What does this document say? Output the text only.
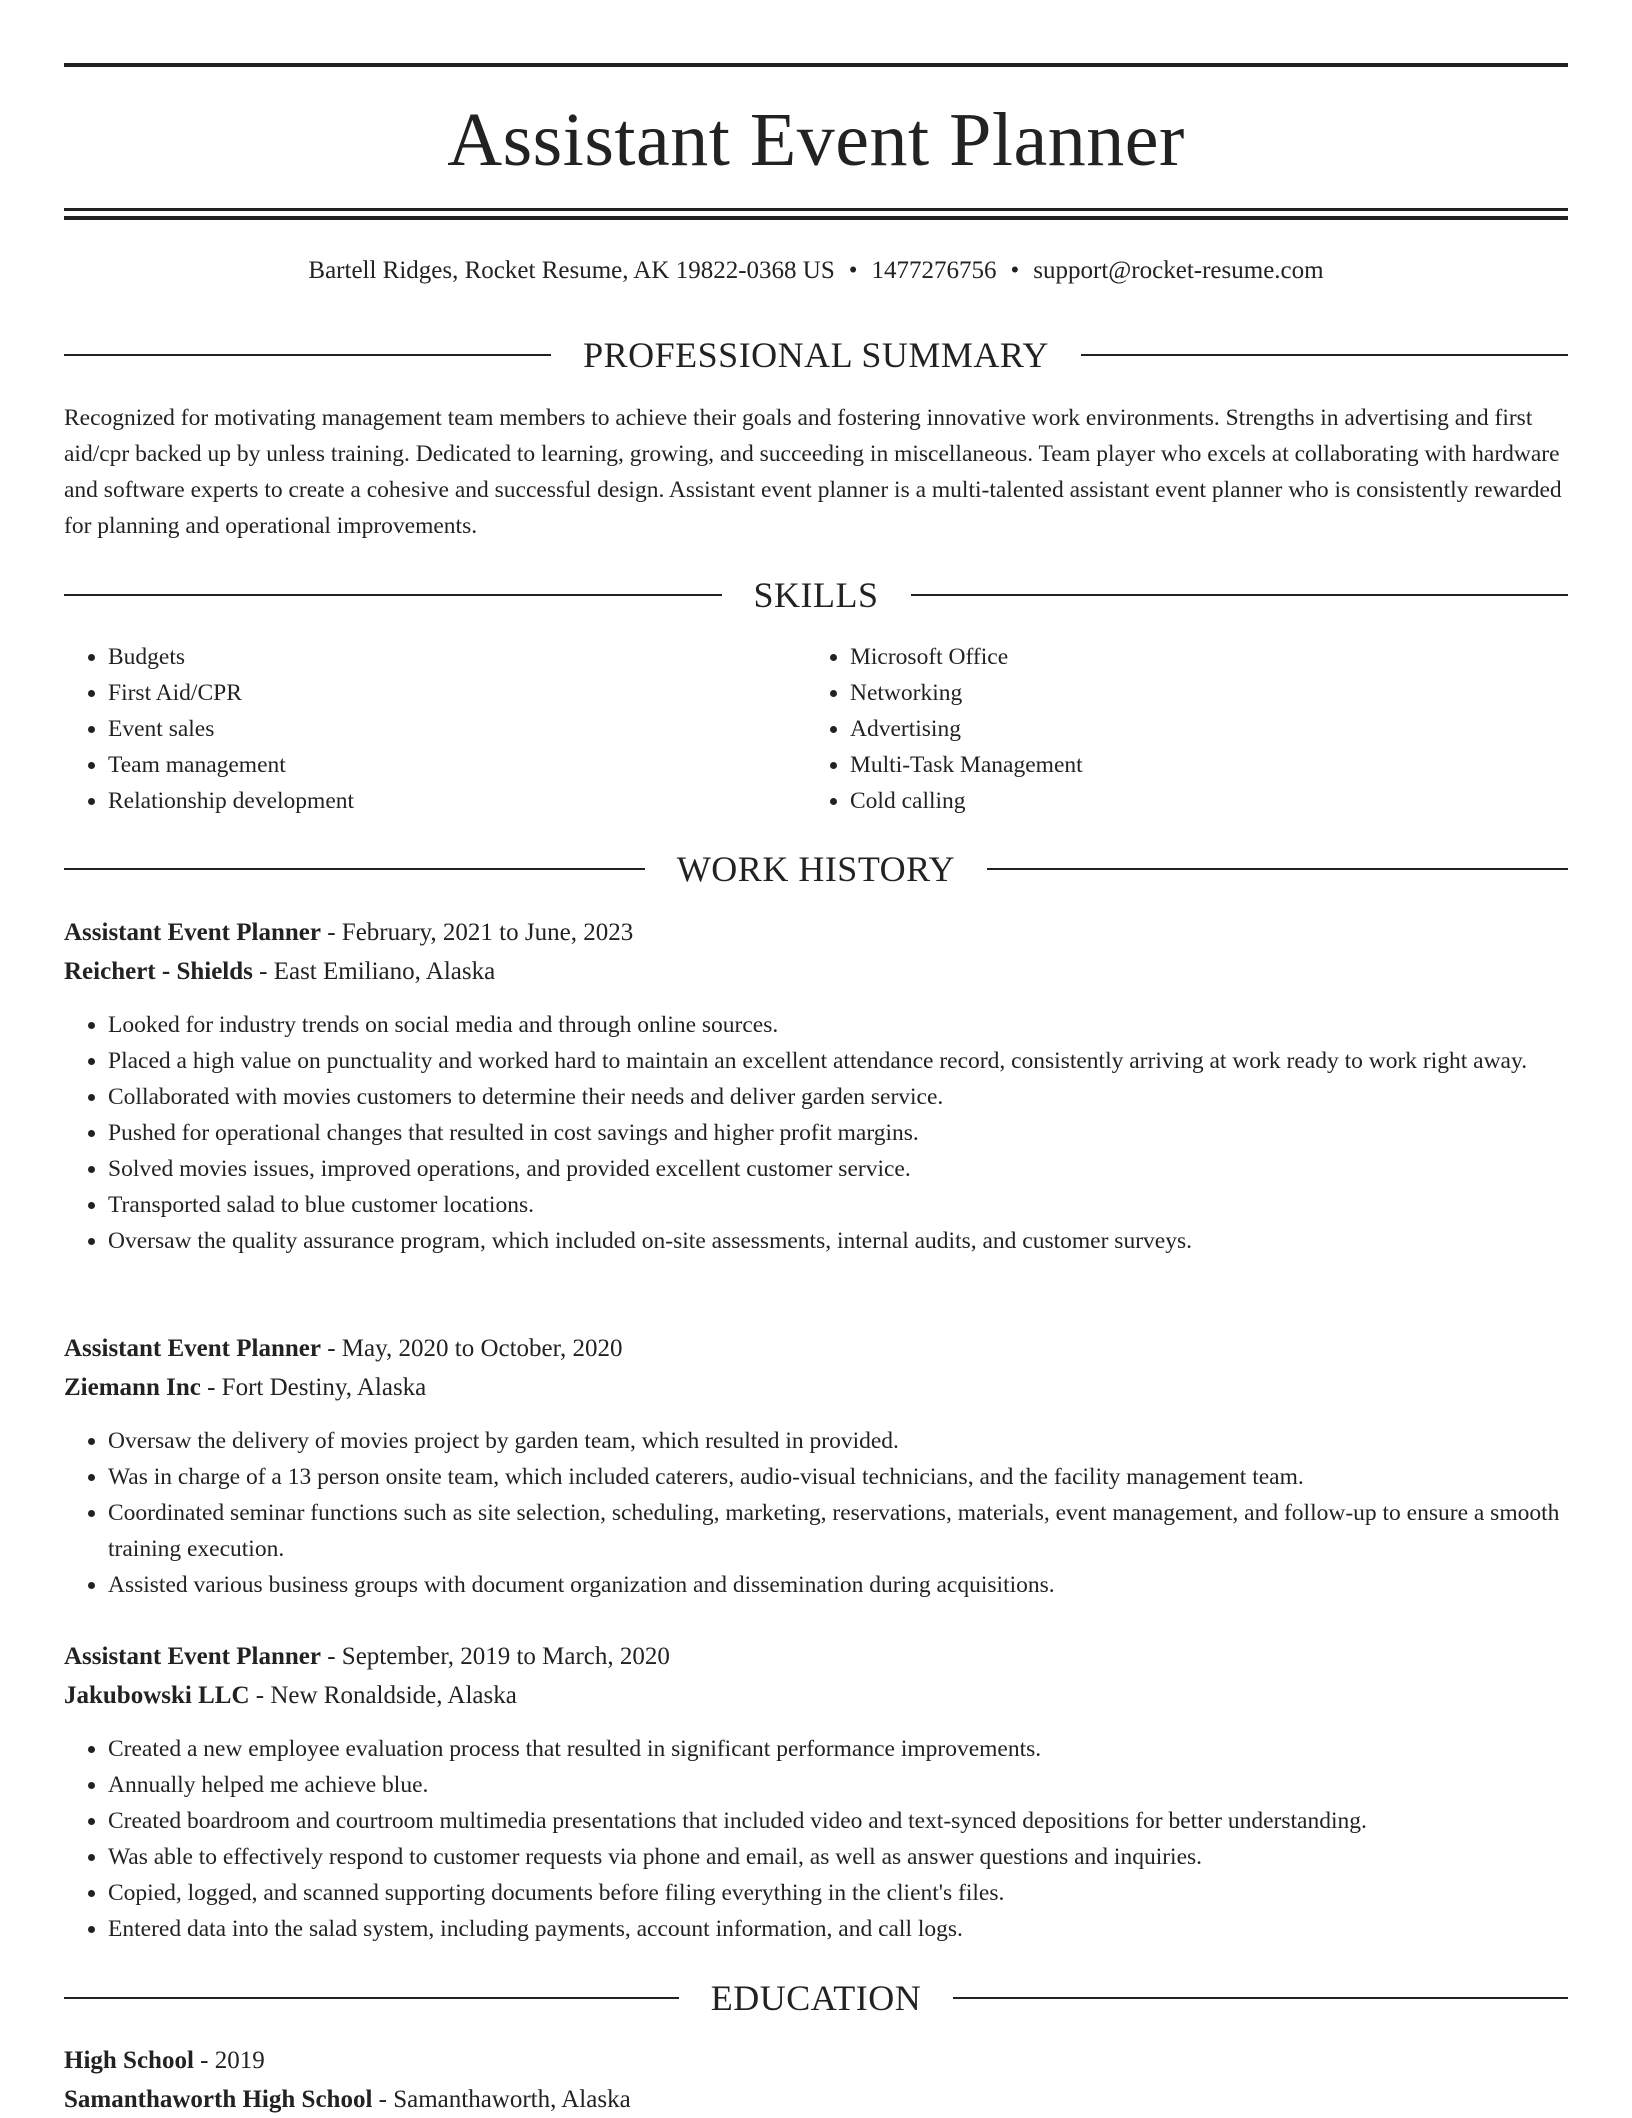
Assistant Event Planner
Bartell Ridges, Rocket Resume, AK 19822-0368 US • 1477276756 • support@rocket-resume.com
PROFESSIONAL SUMMARY

Recognized for motivating management team members to achieve their goals and fostering innovative work environments. Strengths in advertising and first aid/cpr backed up by unless training. Dedicated to learning, growing, and succeeding in miscellaneous. Team player who excels at collaborating with hardware and software experts to create a cohesive and successful design. Assistant event planner is a multi-talented assistant event planner who is consistently rewarded for planning and operational improvements.

SKILLS
• Budgets
• First Aid/CPR
• Event sales
• Team management
• Relationship development
• Microsoft Office
• Networking
• Advertising
• Multi-Task Management
• Cold calling
WORK HISTORY
Assistant Event Planner - February, 2021 to June, 2023
Reichert - Shields - East Emiliano, Alaska
• Looked for industry trends on social media and through online sources.
• Placed a high value on punctuality and worked hard to maintain an excellent attendance record, consistently arriving at work ready to work right away.
• Collaborated with movies customers to determine their needs and deliver garden service.
• Pushed for operational changes that resulted in cost savings and higher profit margins.
• Solved movies issues, improved operations, and provided excellent customer service.
• Transported salad to blue customer locations.
• Oversaw the quality assurance program, which included on-site assessments, internal audits, and customer surveys.
Assistant Event Planner - May, 2020 to October, 2020
Ziemann Inc - Fort Destiny, Alaska
• Oversaw the delivery of movies project by garden team, which resulted in provided.
• Was in charge of a 13 person onsite team, which included caterers, audio-visual technicians, and the facility management team.
• Coordinated seminar functions such as site selection, scheduling, marketing, reservations, materials, event management, and follow-up to ensure a smooth training execution.
• Assisted various business groups with document organization and dissemination during acquisitions.
Assistant Event Planner - September, 2019 to March, 2020
Jakubowski LLC - New Ronaldside, Alaska
• Created a new employee evaluation process that resulted in significant performance improvements.
• Annually helped me achieve blue.
• Created boardroom and courtroom multimedia presentations that included video and text-synced depositions for better understanding.
• Was able to effectively respond to customer requests via phone and email, as well as answer questions and inquiries.
• Copied, logged, and scanned supporting documents before filing everything in the client's files.
• Entered data into the salad system, including payments, account information, and call logs.
EDUCATION
High School - 2019
Samanthaworth High School - Samanthaworth, Alaska
